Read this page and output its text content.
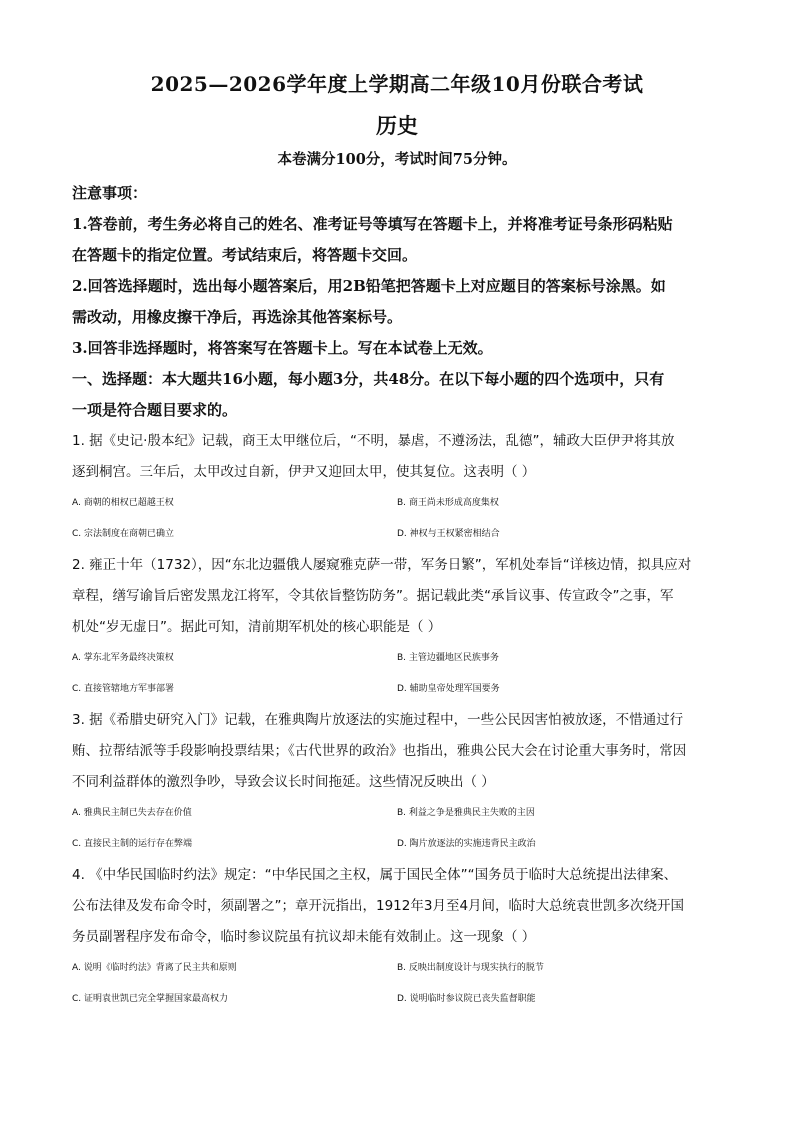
2025—2026学年度上学期高二年级10月份联合考试
历史
本卷满分100分，考试时间75分钟。

注意事项：

1.答卷前，考生务必将自己的姓名、准考证号等填写在答题卡上，并将准考证号条形码粘贴

在答题卡的指定位置。考试结束后，将答题卡交回。

2.回答选择题时，选出每小题答案后，用2B铅笔把答题卡上对应题目的答案标号涂黑。如

需改动，用橡皮擦干净后，再选涂其他答案标号。

3.回答非选择题时，将答案写在答题卡上。写在本试卷上无效。

一、选择题：本大题共16小题，每小题3分，共48分。在以下每小题的四个选项中，只有

一项是符合题目要求的。

1. 据《史记·殷本纪》记载，商王太甲继位后，“不明，暴虐，不遵汤法，乱德”，辅政大臣伊尹将其放

逐到桐宫。三年后，太甲改过自新，伊尹又迎回太甲，使其复位。这表明（ ）

A. 商朝的相权已超越王权	B. 商王尚未形成高度集权
C. 宗法制度在商朝已确立	D. 神权与王权紧密相结合

2. 雍正十年（1732），因“东北边疆俄人屡窥雅克萨一带，军务日繁”，军机处奉旨“详核边情，拟具应对

章程，缮写谕旨后密发黑龙江将军，令其依旨整饬防务”。据记载此类“承旨议事、传宣政令”之事，军

机处“岁无虚日”。据此可知，清前期军机处的核心职能是（ ）

A. 掌东北军务最终决策权	B. 主管边疆地区民族事务
C. 直接管辖地方军事部署	D. 辅助皇帝处理军国要务

3. 据《希腊史研究入门》记载，在雅典陶片放逐法的实施过程中，一些公民因害怕被放逐，不惜通过行

贿、拉帮结派等手段影响投票结果；《古代世界的政治》也指出，雅典公民大会在讨论重大事务时，常因

不同利益群体的激烈争吵，导致会议长时间拖延。这些情况反映出（ ）

A. 雅典民主制已失去存在价值	B. 利益之争是雅典民主失败的主因
C. 直接民主制的运行存在弊端	D. 陶片放逐法的实施违背民主政治

4. 《中华民国临时约法》规定：“中华民国之主权，属于国民全体”“国务员于临时大总统提出法律案、

公布法律及发布命令时，须副署之”；章开沅指出，1912年3月至4月间，临时大总统袁世凯多次绕开国

务员副署程序发布命令，临时参议院虽有抗议却未能有效制止。这一现象（ ）

A. 说明《临时约法》背离了民主共和原则	B. 反映出制度设计与现实执行的脱节
C. 证明袁世凯已完全掌握国家最高权力	D. 说明临时参议院已丧失监督职能
